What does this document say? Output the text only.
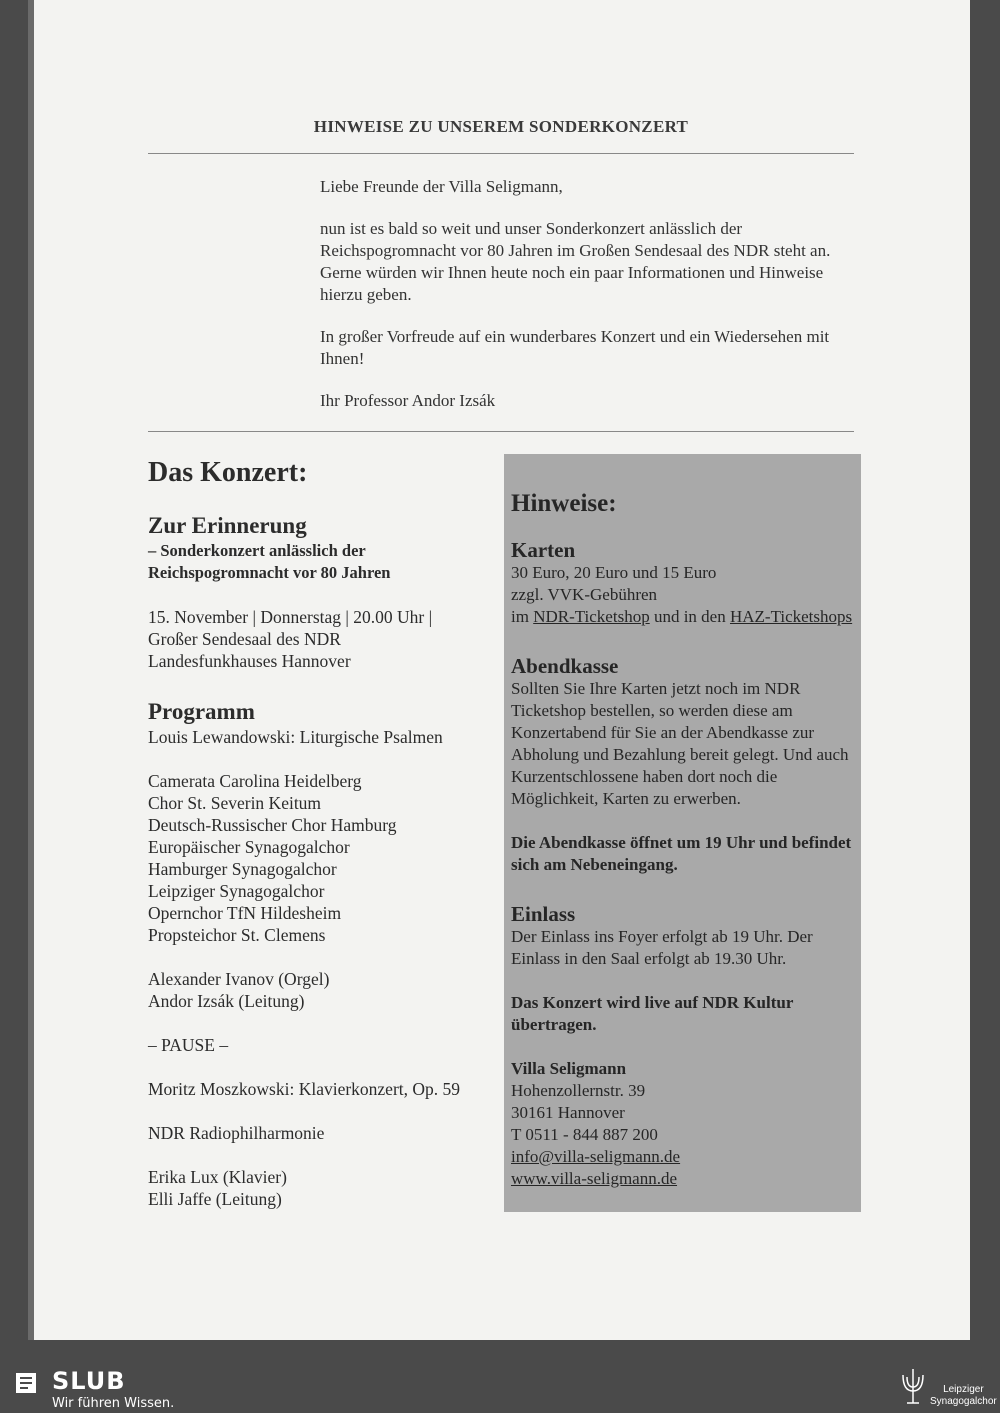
HINWEISE ZU UNSEREM SONDERKONZERT

Liebe Freunde der Villa Seligmann,

nun ist es bald so weit und unser Sonderkonzert anlässlich der Reichspogromnacht vor 80 Jahren im Großen Sendesaal des NDR steht an. Gerne würden wir Ihnen heute noch ein paar Informationen und Hinweise hierzu geben.

In großer Vorfreude auf ein wunderbares Konzert und ein Wiedersehen mit Ihnen!

Ihr Professor Andor Izsák

Das Konzert:
Zur Erinnerung

– Sonderkonzert anlässlich der

Reichspogromnacht vor 80 Jahren

15. November | Donnerstag | 20.00 Uhr |

Großer Sendesaal des NDR

Landesfunkhauses Hannover

Programm

Louis Lewandowski: Liturgische Psalmen

Camerata Carolina Heidelberg

Chor St. Severin Keitum

Deutsch-Russischer Chor Hamburg

Europäischer Synagogalchor

Hamburger Synagogalchor

Leipziger Synagogalchor

Opernchor TfN Hildesheim

Propsteichor St. Clemens

Alexander Ivanov (Orgel)

Andor Izsák (Leitung)

– PAUSE –

Moritz Moszkowski: Klavierkonzert, Op. 59

NDR Radiophilharmonie

Erika Lux (Klavier)

Elli Jaffe (Leitung)

Hinweise:
Karten

30 Euro, 20 Euro und 15 Euro

zzgl. VVK-Gebühren

im NDR-Ticketshop und in den HAZ-Ticketshops

Abendkasse

Sollten Sie Ihre Karten jetzt noch im NDR Ticketshop bestellen, so werden diese am Konzertabend für Sie an der Abendkasse zur Abholung und Bezahlung bereit gelegt. Und auch Kurzentschlossene haben dort noch die Möglichkeit, Karten zu erwerben.

Die Abendkasse öffnet um 19 Uhr und befindet sich am Nebeneingang.

Einlass

Der Einlass ins Foyer erfolgt ab 19 Uhr. Der Einlass in den Saal erfolgt ab 19.30 Uhr.

Das Konzert wird live auf NDR Kultur übertragen.

Villa Seligmann

Hohenzollernstr. 39

30161 Hannover

T 0511 - 844 887 200

info@villa-seligmann.de

www.villa-seligmann.de

SLUB
Wir führen Wissen.
Leipziger
Synagogalchor
